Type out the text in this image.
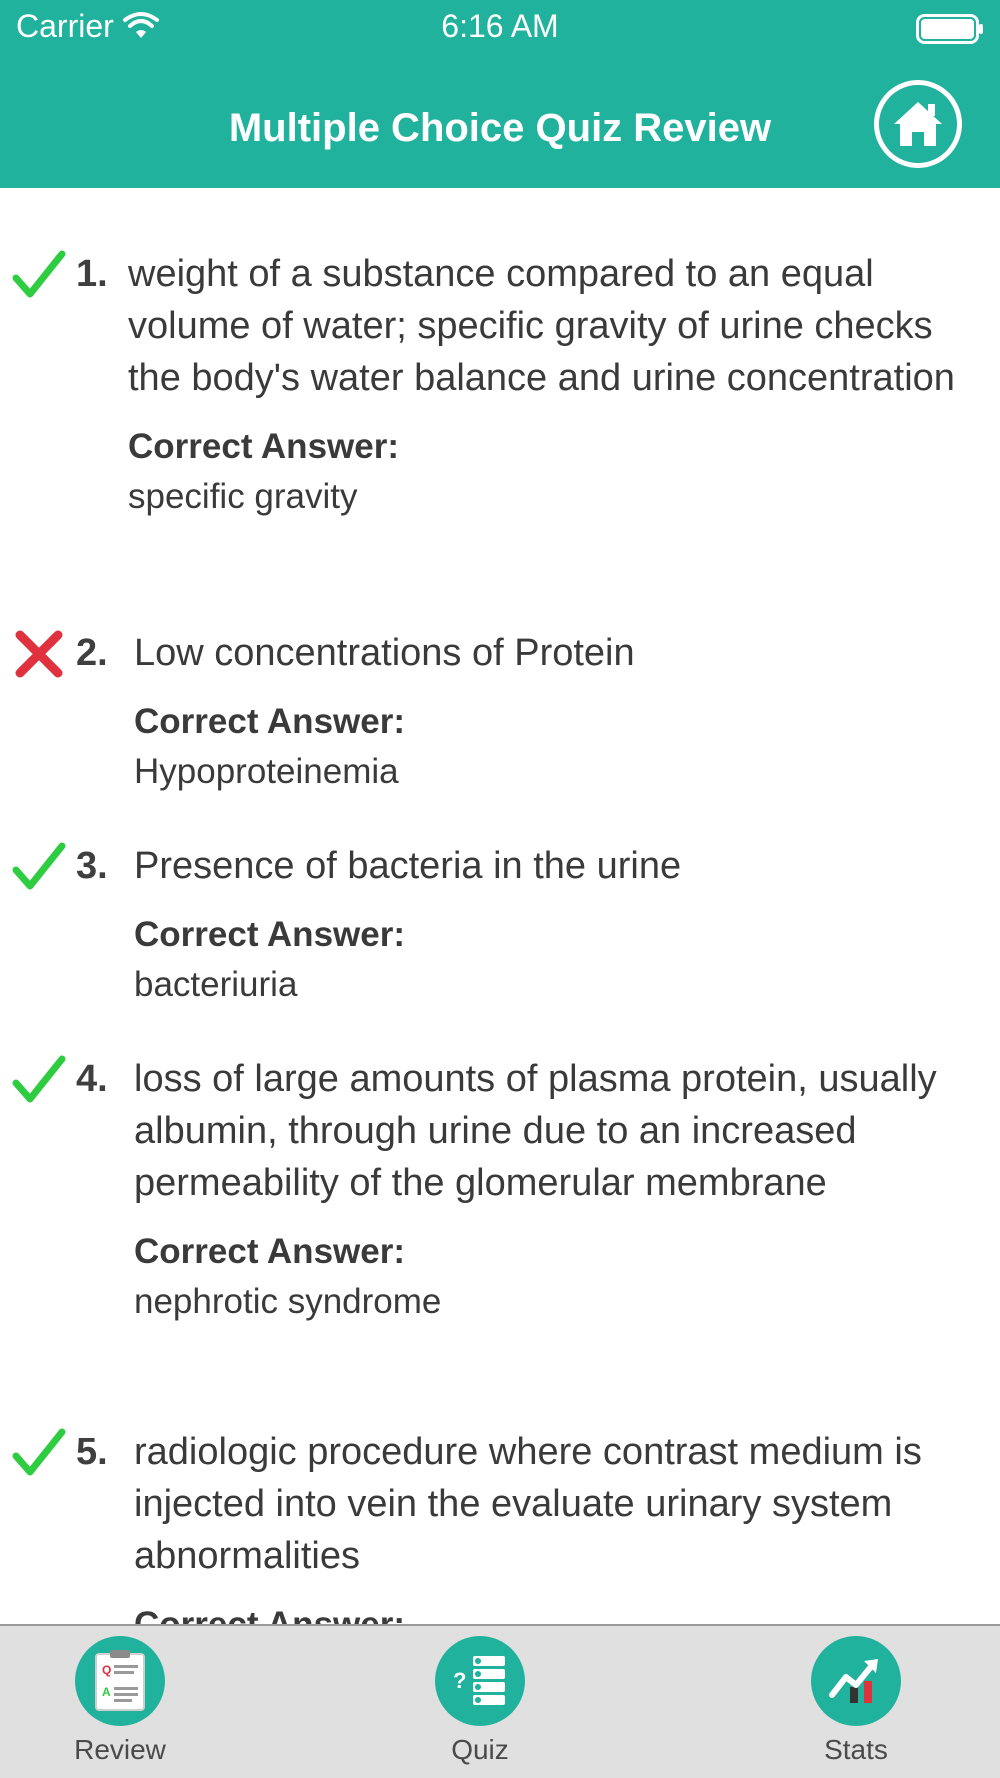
Carrier	6:16 AM
Multiple Choice Quiz Review
1. weight of a substance compared to an equal volume of water; specific gravity of urine checks the body's water balance and urine concentration
Correct Answer:
specific gravity
2. Low concentrations of Protein
Correct Answer:
Hypoproteinemia
3. Presence of bacteria in the urine
Correct Answer:
bacteriuria
4. loss of large amounts of plasma protein, usually albumin, through urine due to an increased permeability of the glomerular membrane
Correct Answer:
nephrotic syndrome
5. radiologic procedure where contrast medium is injected into vein the evaluate urinary system abnormalities
Q
A
Review
?
Quiz	Stats
